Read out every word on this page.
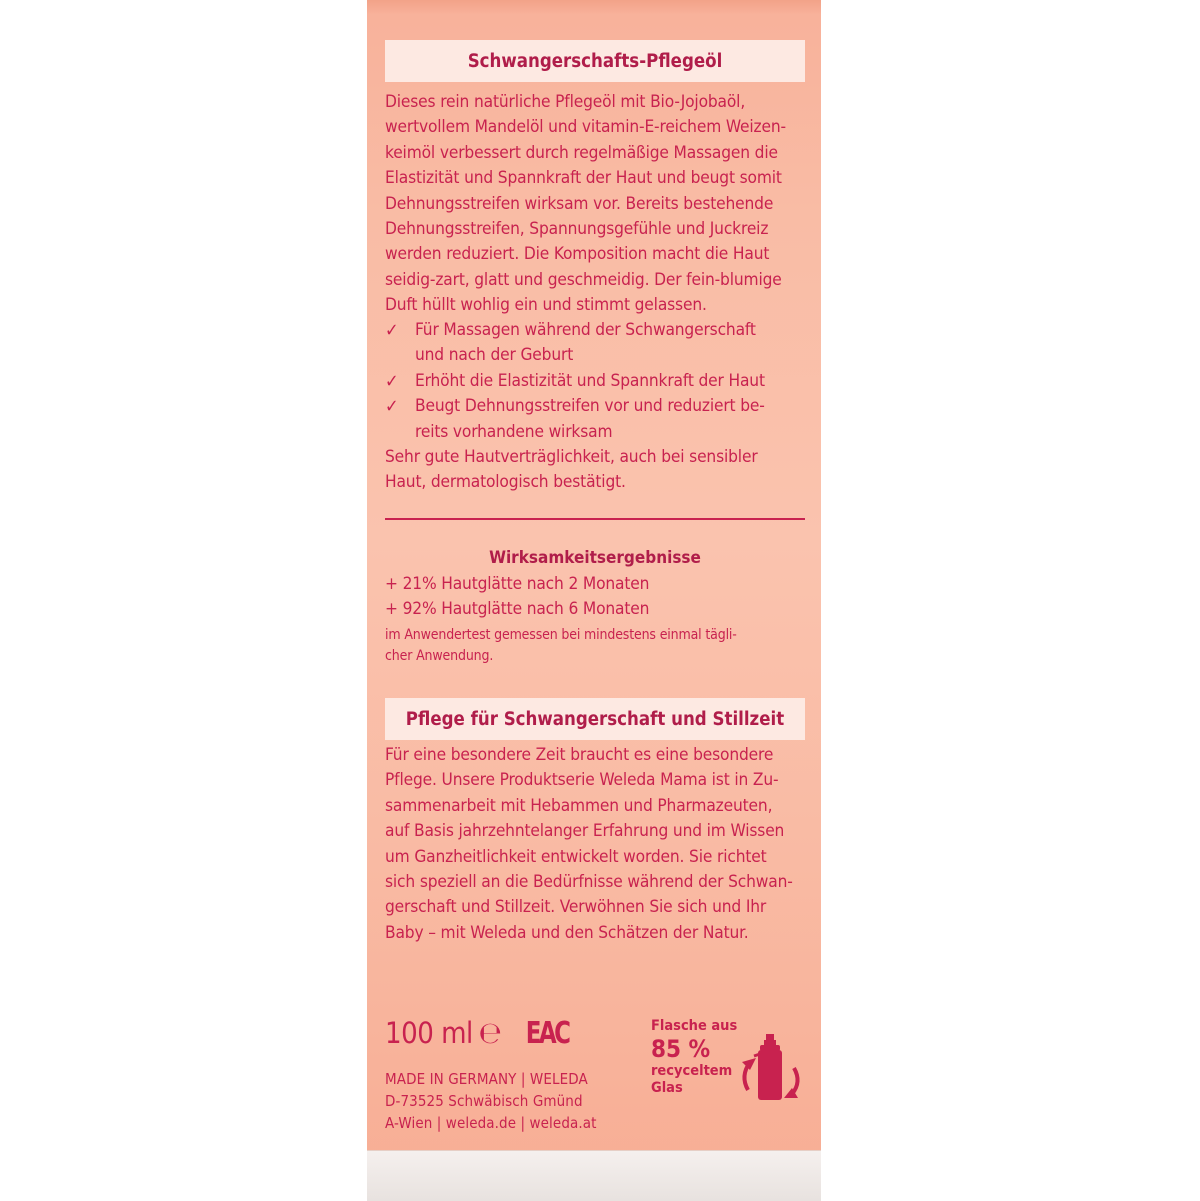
Schwangerschafts-Pflegeöl
Dieses rein natürliche Pflegeöl mit Bio-Jojobaöl,
wertvollem Mandelöl und vitamin-E-reichem Weizen-
keimöl verbessert durch regelmäßige Massagen die
Elastizität und Spannkraft der Haut und beugt somit
Dehnungsstreifen wirksam vor. Bereits bestehende
Dehnungsstreifen, Spannungsgefühle und Juckreiz
werden reduziert. Die Komposition macht die Haut
seidig-zart, glatt und geschmeidig. Der fein-blumige
Duft hüllt wohlig ein und stimmt gelassen.
✓ Für Massagen während der Schwangerschaft
und nach der Geburt
✓ Erhöht die Elastizität und Spannkraft der Haut
✓ Beugt Dehnungsstreifen vor und reduziert be-
reits vorhandene wirksam
Sehr gute Hautverträglichkeit, auch bei sensibler
Haut, dermatologisch bestätigt.
Wirksamkeitsergebnisse
+ 21% Hautglätte nach 2 Monaten
+ 92% Hautglätte nach 6 Monaten
im Anwendertest gemessen bei mindestens einmal tägli-
cher Anwendung.
Pflege für Schwangerschaft und Stillzeit
Für eine besondere Zeit braucht es eine besondere
Pflege. Unsere Produktserie Weleda Mama ist in Zu-
sammenarbeit mit Hebammen und Pharmazeuten,
auf Basis jahrzehntelanger Erfahrung und im Wissen
um Ganzheitlichkeit entwickelt worden. Sie richtet
sich speziell an die Bedürfnisse während der Schwan-
gerschaft und Stillzeit. Verwöhnen Sie sich und Ihr
Baby – mit Weleda und den Schätzen der Natur.
100 ml ℮ EAC	Flasche aus
85 %
recyceltem
Glas
MADE IN GERMANY | WELEDA
D-73525 Schwäbisch Gmünd
A-Wien | weleda.de | weleda.at
